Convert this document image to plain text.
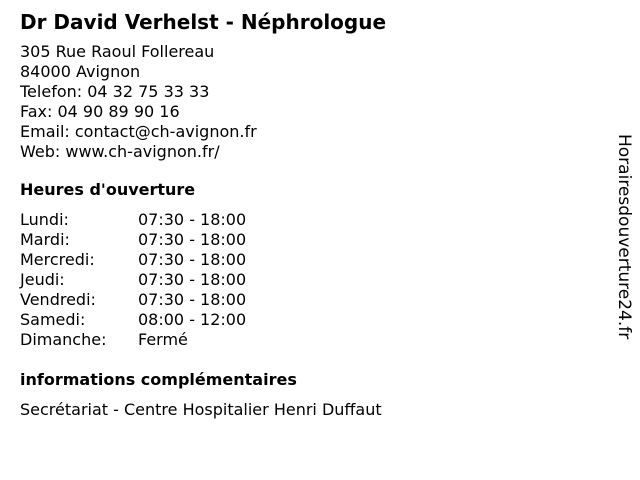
Dr David Verhelst - Néphrologue
305 Rue Raoul Follereau
84000 Avignon
Telefon: 04 32 75 33 33
Fax: 04 90 89 90 16
Email: contact@ch-avignon.fr
Web: www.ch-avignon.fr/
Heures d'ouverture
Lundi:	07:30 - 18:00
Mardi:	07:30 - 18:00
Mercredi:	07:30 - 18:00
Jeudi:	07:30 - 18:00
Vendredi:	07:30 - 18:00
Samedi:	08:00 - 12:00
Dimanche:	Fermé
informations complémentaires
Secrétariat - Centre Hospitalier Henri Duffaut
Horairesdouverture24.fr
